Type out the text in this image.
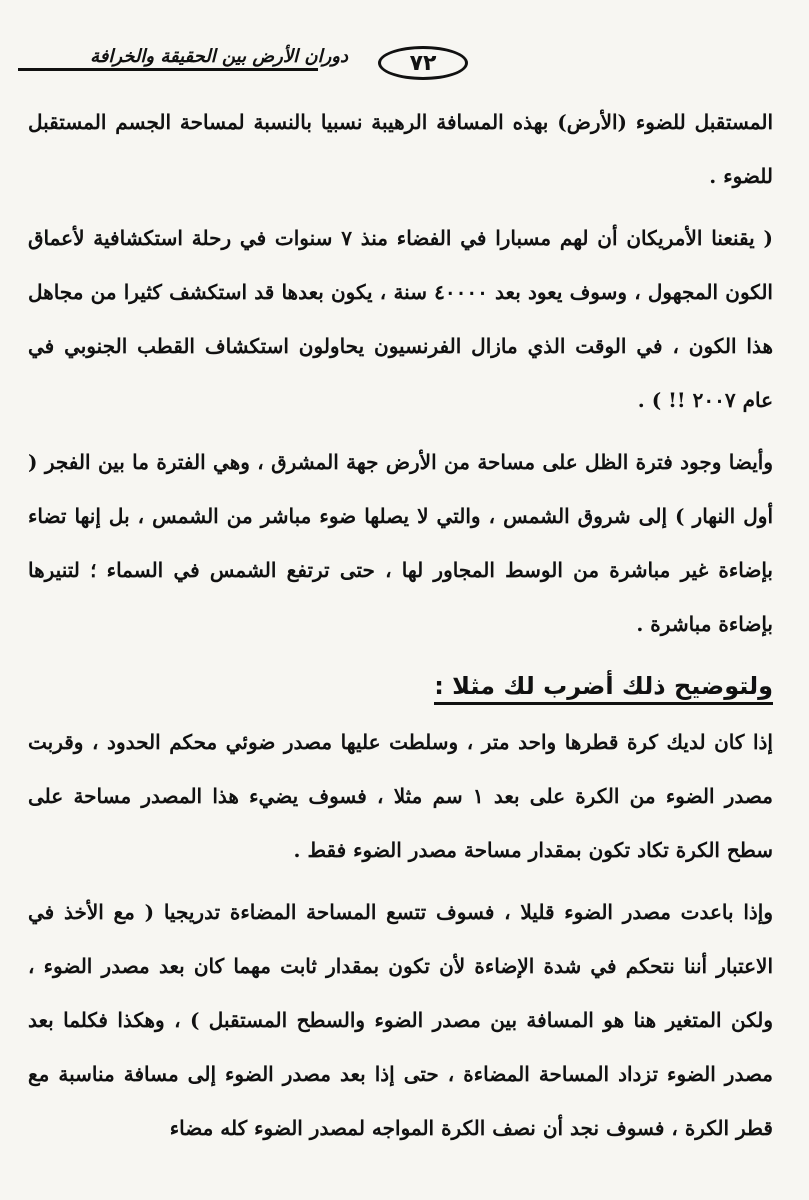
٧٢
دوران الأرض بين الحقيقة والخرافة

المستقبل للضوء (الأرض) بهذه المسافة الرهيبة نسبيا بالنسبة لمساحة الجسم المستقبل للضوء .

( يقنعنا الأمريكان أن لهم مسبارا في الفضاء منذ ٧ سنوات في رحلة استكشافية لأعماق الكون المجهول ، وسوف يعود بعد ٤٠٠٠٠ سنة ، يكون بعدها قد استكشف كثيرا من مجاهل هذا الكون ، في الوقت الذي مازال الفرنسيون يحاولون استكشاف القطب الجنوبي في عام ٢٠٠٧ !! ) .

وأيضا وجود فترة الظل على مساحة من الأرض جهة المشرق ، وهي الفترة ما بين الفجر ( أول النهار ) إلى شروق الشمس ، والتي لا يصلها ضوء مباشر من الشمس ، بل إنها تضاء بإضاءة غير مباشرة من الوسط المجاور لها ، حتى ترتفع الشمس في السماء ؛ لتنيرها بإضاءة مباشرة .

ولتوضيح ذلك أضرب لك مثلا :

إذا كان لديك كرة قطرها واحد متر ، وسلطت عليها مصدر ضوئي محكم الحدود ، وقربت مصدر الضوء من الكرة على بعد ١ سم مثلا ، فسوف يضيء هذا المصدر مساحة على سطح الكرة تكاد تكون بمقدار مساحة مصدر الضوء فقط .

وإذا باعدت مصدر الضوء قليلا ، فسوف تتسع المساحة المضاءة تدريجيا ( مع الأخذ في الاعتبار أننا نتحكم في شدة الإضاءة لأن تكون بمقدار ثابت مهما كان بعد مصدر الضوء ، ولكن المتغير هنا هو المسافة بين مصدر الضوء والسطح المستقبل ) ، وهكذا فكلما بعد مصدر الضوء تزداد المساحة المضاءة ، حتى إذا بعد مصدر الضوء إلى مسافة مناسبة مع قطر الكرة ، فسوف نجد أن نصف الكرة المواجه لمصدر الضوء كله مضاء
